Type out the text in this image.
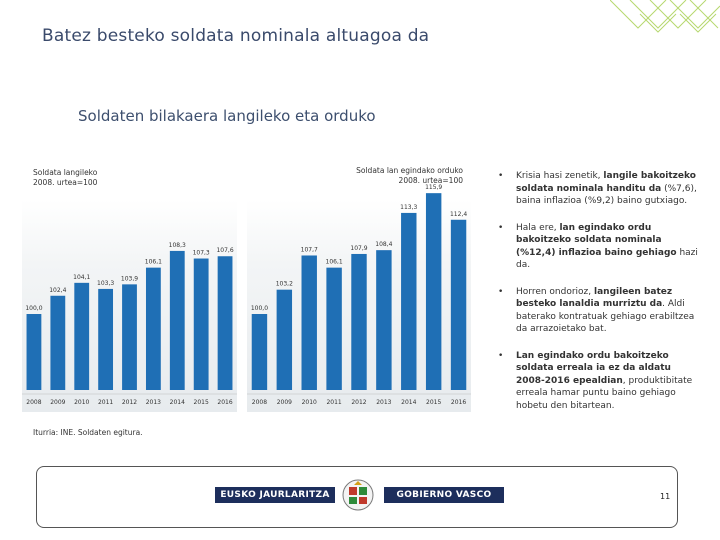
Batez besteko soldata nominala altuagoa da
Soldaten bilakaera langileko eta orduko
Soldata langileko
2008. urtea=100
Soldata lan egindako orduko
2008. urtea=100
100,0
2008
102,4
2009
104,1
2010
103,3
2011
103,9
2012
106,1
2013
108,3
2014
107,3
2015
107,6
2016
100,0
2008
103,2
2009
107,7
2010
106,1
2011
107,9
2012
108,4
2013
113,3
2014
115,9
2015
112,4
2016
Iturria: INE. Soldaten egitura.
• Krisia hasi zenetik, langile bakoitzeko soldata nominala handitu da (%7,6), baina inflazioa (%9,2) baino gutxiago.
• Hala ere, lan egindako ordu bakoitzeko soldata nominala (%12,4) inflazioa baino gehiago hazi da.
• Horren ondorioz, langileen batez besteko lanaldia murriztu da. Aldi baterako kontratuak gehiago erabiltzea da arrazoietako bat.
• Lan egindako ordu bakoitzeko soldata erreala ia ez da aldatu 2008-2016 epealdian, produktibitate erreala hamar puntu baino gehiago hobetu den bitartean.
EUSKO JAURLARITZA	GOBIERNO VASCO	11
